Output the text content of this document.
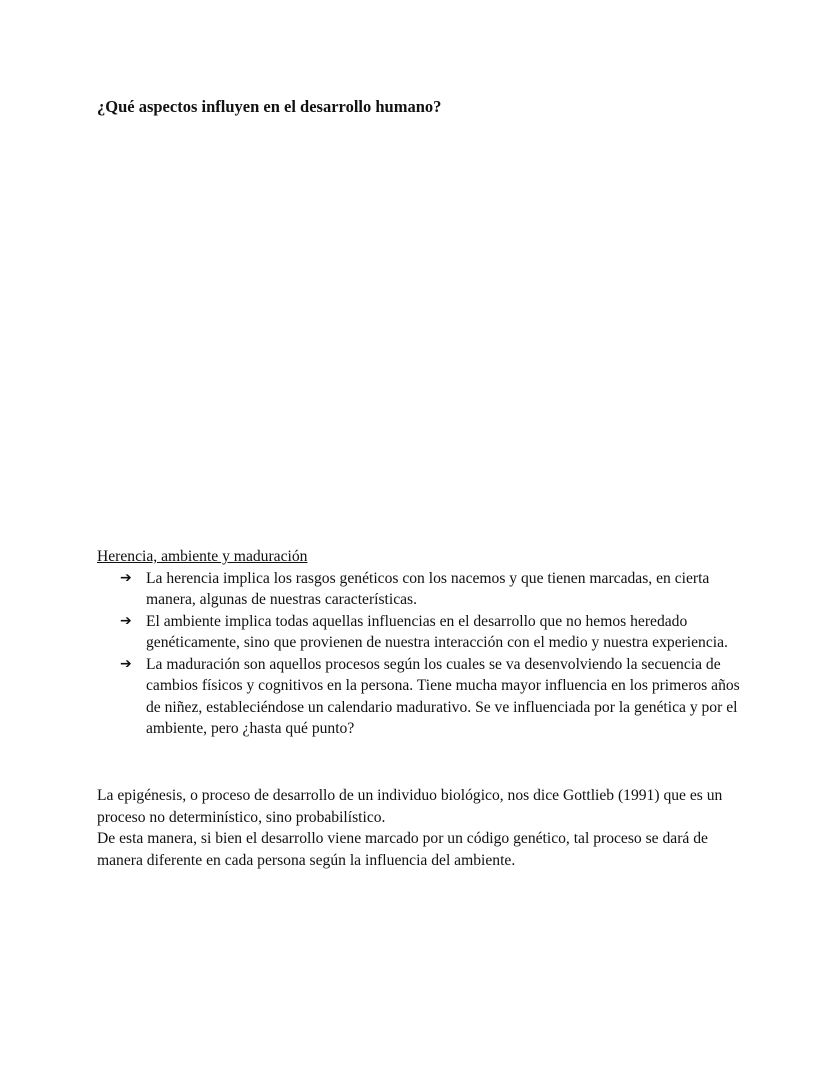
¿Qué aspectos influyen en el desarrollo humano?
Herencia, ambiente y maduración
➔ La herencia implica los rasgos genéticos con los nacemos y que tienen marcadas, en cierta manera, algunas de nuestras características.
➔ El ambiente implica todas aquellas influencias en el desarrollo que no hemos heredado genéticamente, sino que provienen de nuestra interacción con el medio y nuestra experiencia.
➔ La maduración son aquellos procesos según los cuales se va desenvolviendo la secuencia de cambios físicos y cognitivos en la persona. Tiene mucha mayor influencia en los primeros años de niñez, estableciéndose un calendario madurativo. Se ve influenciada por la genética y por el ambiente, pero ¿hasta qué punto?

La epigénesis, o proceso de desarrollo de un individuo biológico, nos dice Gottlieb (1991) que es un proceso no determinístico, sino probabilístico.

De esta manera, si bien el desarrollo viene marcado por un código genético, tal proceso se dará de manera diferente en cada persona según la influencia del ambiente.
